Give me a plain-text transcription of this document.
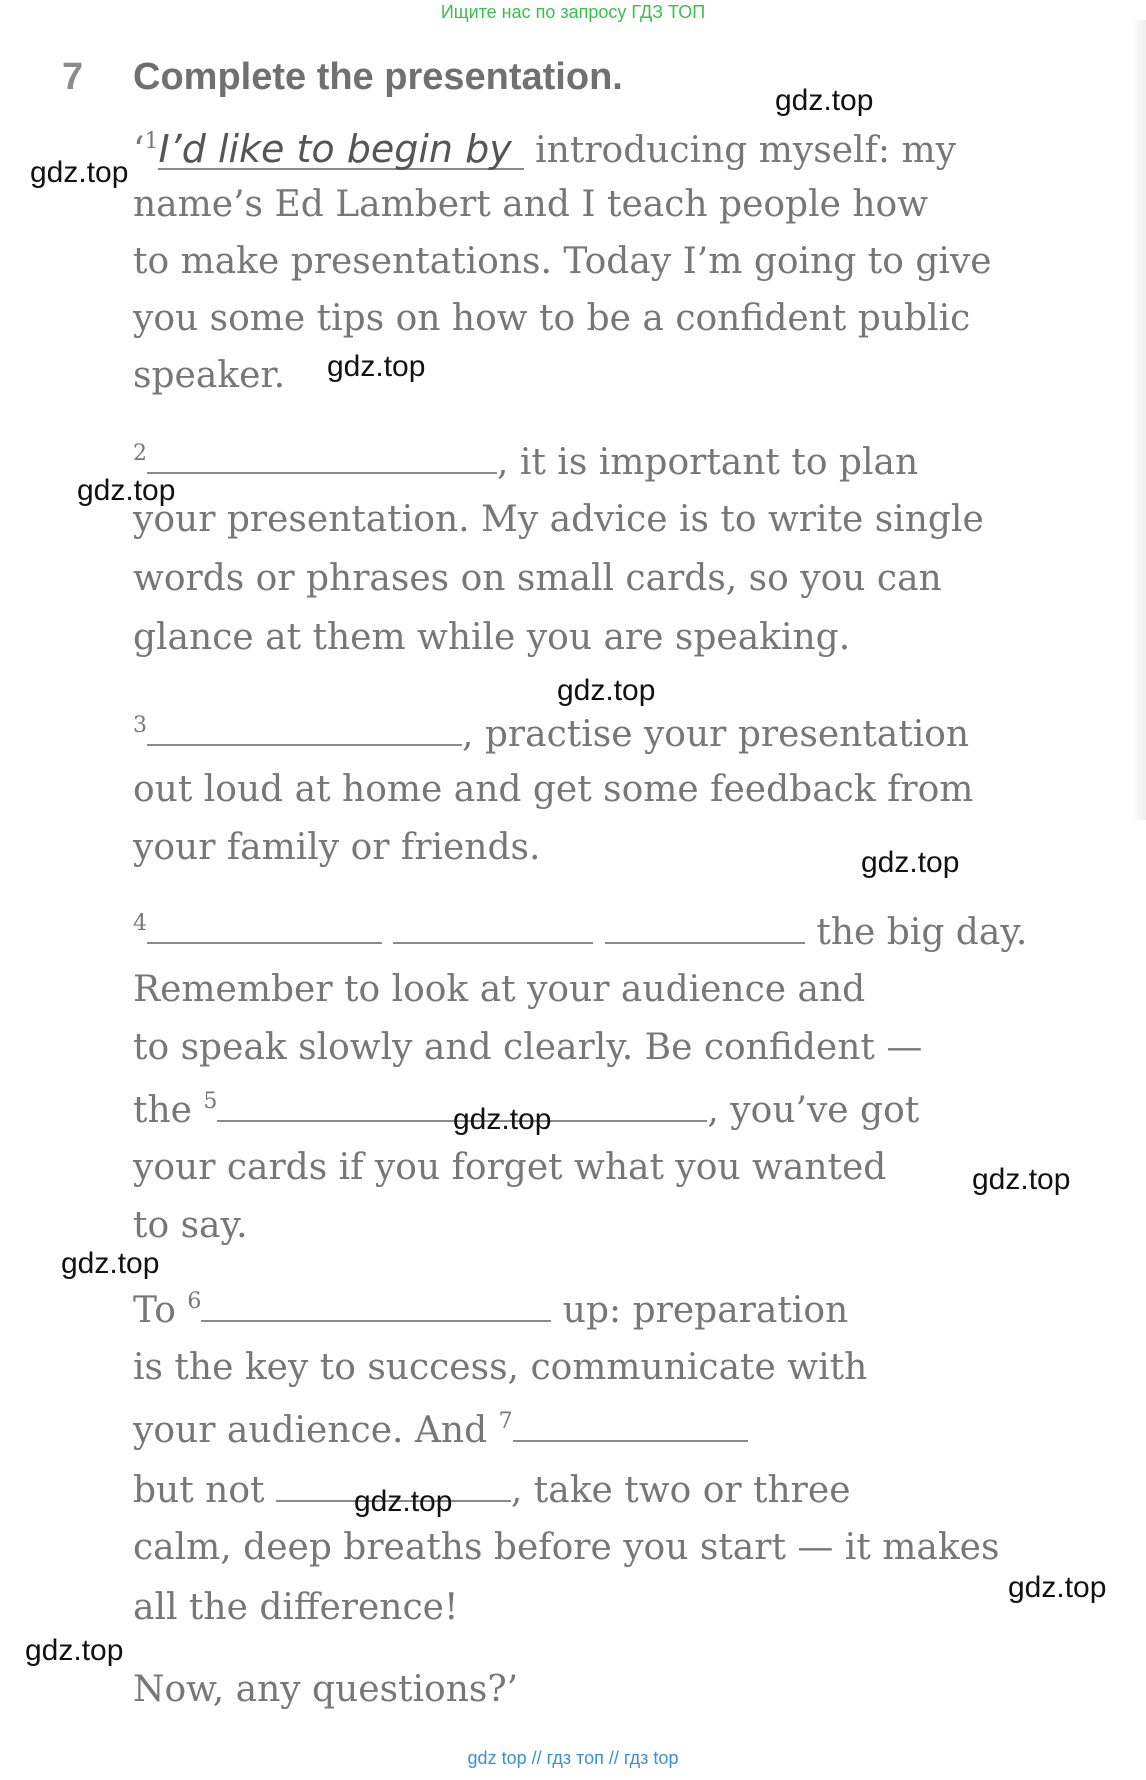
Ищите нас по запросу ГДЗ ТОП
7 Complete the presentation.
‘$^1$I’d like to begin by introducing myself: my
name’s Ed Lambert and I teach people how
to make presentations. Today I’m going to give
you some tips on how to be a confident public
speaker.
$^2$	, it is important to plan
your presentation. My advice is to write single
words or phrases on small cards, so you can
glance at them while you are speaking.
$^3$	, practise your presentation
out loud at home and get some feedback from
your family or friends.
$^4$	the big day.
Remember to look at your audience and
to speak slowly and clearly. Be confident —
the $^5$	, you’ve got
your cards if you forget what you wanted
to say.
To $^6$	up: preparation
is the key to success, communicate with
your audience. And $^7$
but not	, take two or three
calm, deep breaths before you start — it makes
all the difference!
Now, any questions?’
gdz.top
gdz.top
gdz.top
gdz.top
gdz.top
gdz.top
gdz.top
gdz.top
gdz.top
gdz.top
gdz.top
gdz.top
gdz top // гдз топ // гдз top
